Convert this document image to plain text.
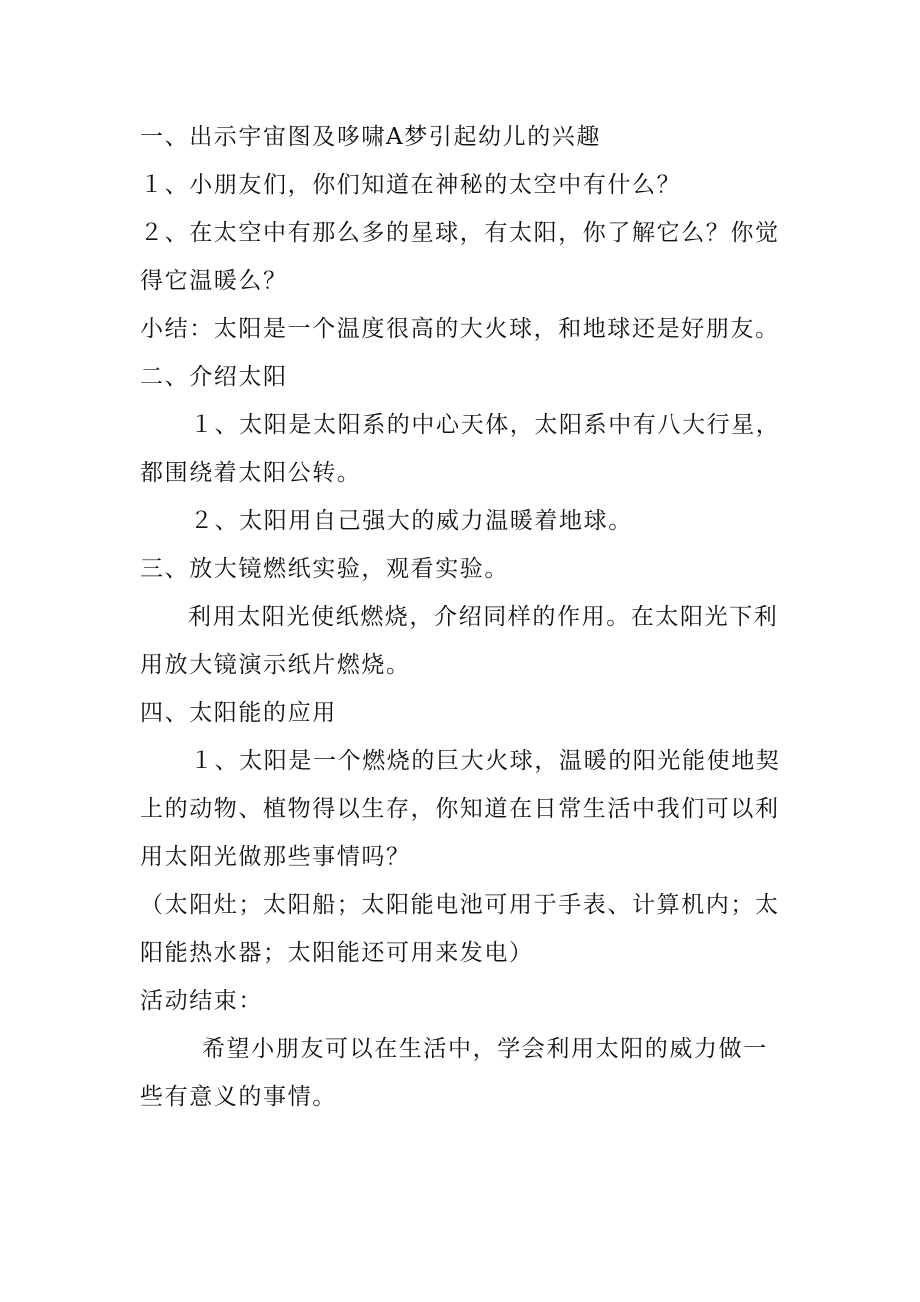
一、出示宇宙图及哆啸A梦引起幼儿的兴趣
１、小朋友们，你们知道在神秘的太空中有什么？
２、在太空中有那么多的星球，有太阳，你了解它么？你觉
得它温暖么？
小结：太阳是一个温度很高的大火球，和地球还是好朋友。
二、介绍太阳
１、太阳是太阳系的中心天体，太阳系中有八大行星，
都围绕着太阳公转。
２、太阳用自己强大的威力温暖着地球。
三、放大镜燃纸实验，观看实验。
利用太阳光使纸燃烧，介绍同样的作用。在太阳光下利
用放大镜演示纸片燃烧。
四、太阳能的应用
１、太阳是一个燃烧的巨大火球，温暖的阳光能使地契
上的动物、植物得以生存，你知道在日常生活中我们可以利
用太阳光做那些事情吗？
（太阳灶；太阳船；太阳能电池可用于手表、计算机内；太
阳能热水器；太阳能还可用来发电）
活动结束：
希望小朋友可以在生活中，学会利用太阳的威力做一
些有意义的事情。
